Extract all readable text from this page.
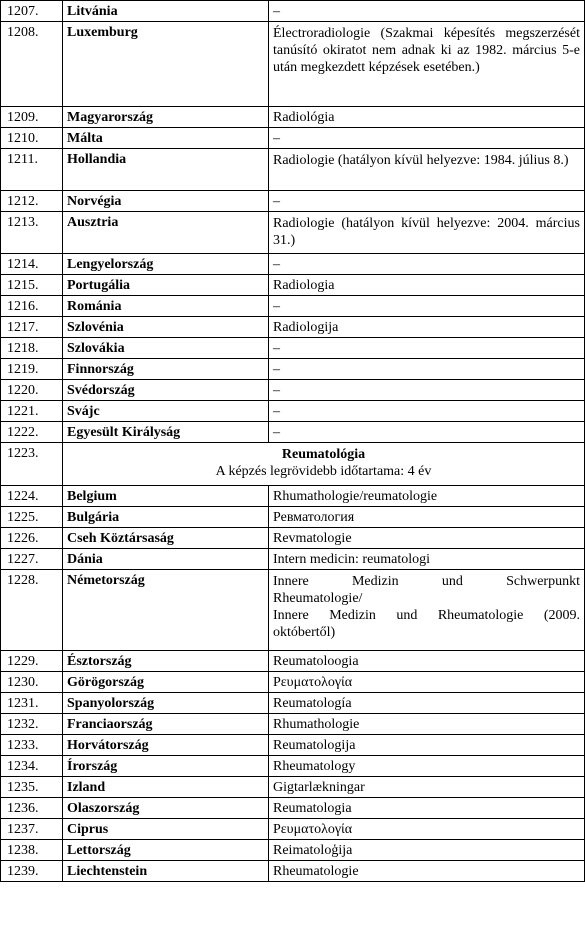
1207.	Litvánia	–
1208.	Luxemburg	Électroradiologie (Szakmai képesítés megszerzését tanúsító okiratot nem adnak ki az 1982. március 5-e után megkezdett képzések esetében.)
1209.	Magyarország	Radiológia
1210.	Málta	–
1211.	Hollandia	Radiologie (hatályon kívül helyezve: 1984. július 8.)
1212.	Norvégia	–
1213.	Ausztria	Radiologie (hatályon kívül helyezve: 2004. március 31.)
1214.	Lengyelország	–
1215.	Portugália	Radiologia
1216.	Románia	–
1217.	Szlovénia	Radiologija
1218.	Szlovákia	–
1219.	Finnország	–
1220.	Svédország	–
1221.	Svájc	–
1222.	Egyesült Királyság	–
1223.	Reumatológia
A képzés legrövidebb időtartama: 4 év	

1224.	Belgium	Rhumathologie/reumatologie
1225.	Bulgária	Ревматология
1226.	Cseh Köztársaság	Revmatologie
1227.	Dánia	Intern medicin: reumatologi
1228.	Németország	Innere Medizin und Schwerpunkt
Rheumatologie/
Innere Medizin und Rheumatologie (2009.
októbertől)

1229.	Észtország	Reumatoloogia
1230.	Görögország	Ρευματολογία
1231.	Spanyolország	Reumatología
1232.	Franciaország	Rhumathologie
1233.	Horvátország	Reumatologija
1234.	Írország	Rheumatology
1235.	Izland	Gigtarlækningar
1236.	Olaszország	Reumatologia
1237.	Ciprus	Ρευματολογία
1238.	Lettország	Reimatoloģija
1239.	Liechtenstein	Rheumatologie
